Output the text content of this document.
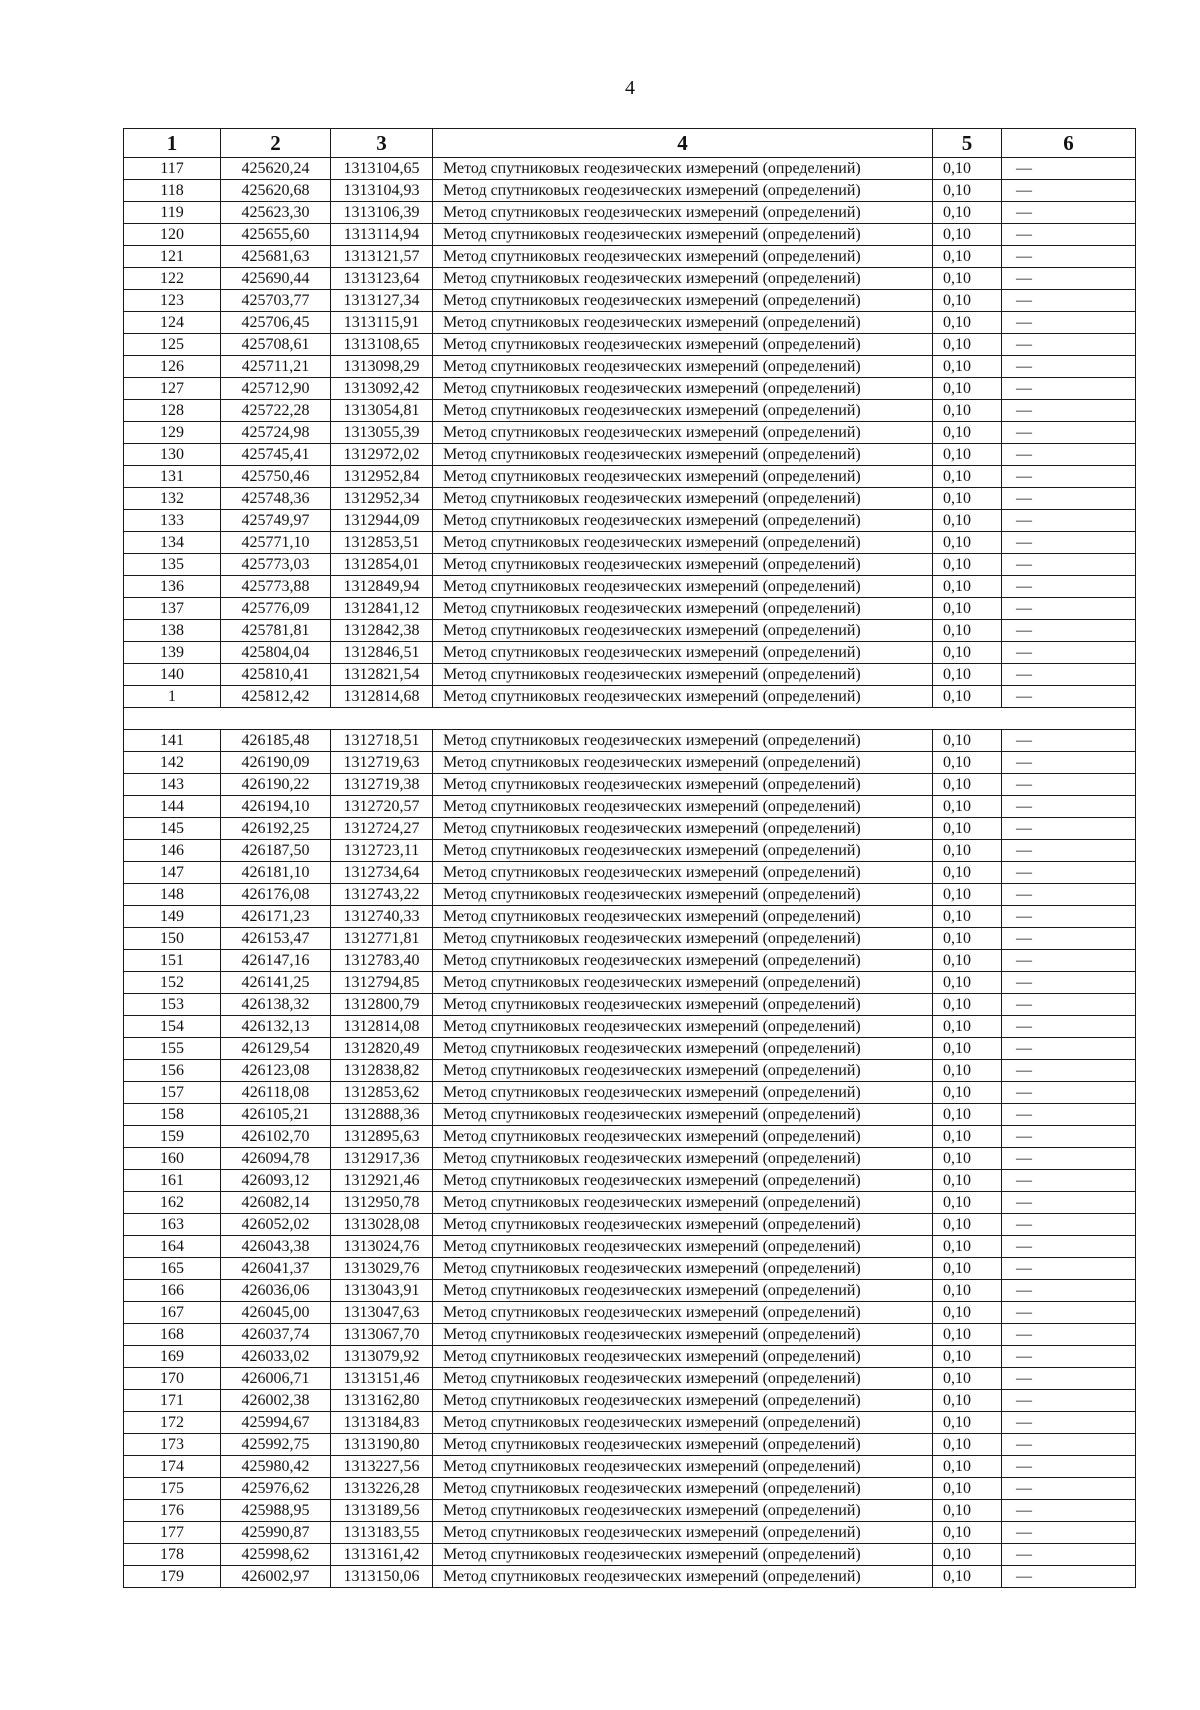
4
1	2	3	4	5	6
117	425620,24	1313104,65	Метод спутниковых геодезических измерений (определений)	0,10	—
118	425620,68	1313104,93	Метод спутниковых геодезических измерений (определений)	0,10	—
119	425623,30	1313106,39	Метод спутниковых геодезических измерений (определений)	0,10	—
120	425655,60	1313114,94	Метод спутниковых геодезических измерений (определений)	0,10	—
121	425681,63	1313121,57	Метод спутниковых геодезических измерений (определений)	0,10	—
122	425690,44	1313123,64	Метод спутниковых геодезических измерений (определений)	0,10	—
123	425703,77	1313127,34	Метод спутниковых геодезических измерений (определений)	0,10	—
124	425706,45	1313115,91	Метод спутниковых геодезических измерений (определений)	0,10	—
125	425708,61	1313108,65	Метод спутниковых геодезических измерений (определений)	0,10	—
126	425711,21	1313098,29	Метод спутниковых геодезических измерений (определений)	0,10	—
127	425712,90	1313092,42	Метод спутниковых геодезических измерений (определений)	0,10	—
128	425722,28	1313054,81	Метод спутниковых геодезических измерений (определений)	0,10	—
129	425724,98	1313055,39	Метод спутниковых геодезических измерений (определений)	0,10	—
130	425745,41	1312972,02	Метод спутниковых геодезических измерений (определений)	0,10	—
131	425750,46	1312952,84	Метод спутниковых геодезических измерений (определений)	0,10	—
132	425748,36	1312952,34	Метод спутниковых геодезических измерений (определений)	0,10	—
133	425749,97	1312944,09	Метод спутниковых геодезических измерений (определений)	0,10	—
134	425771,10	1312853,51	Метод спутниковых геодезических измерений (определений)	0,10	—
135	425773,03	1312854,01	Метод спутниковых геодезических измерений (определений)	0,10	—
136	425773,88	1312849,94	Метод спутниковых геодезических измерений (определений)	0,10	—
137	425776,09	1312841,12	Метод спутниковых геодезических измерений (определений)	0,10	—
138	425781,81	1312842,38	Метод спутниковых геодезических измерений (определений)	0,10	—
139	425804,04	1312846,51	Метод спутниковых геодезических измерений (определений)	0,10	—
140	425810,41	1312821,54	Метод спутниковых геодезических измерений (определений)	0,10	—
1	425812,42	1312814,68	Метод спутниковых геодезических измерений (определений)	0,10	—

141	426185,48	1312718,51	Метод спутниковых геодезических измерений (определений)	0,10	—
142	426190,09	1312719,63	Метод спутниковых геодезических измерений (определений)	0,10	—
143	426190,22	1312719,38	Метод спутниковых геодезических измерений (определений)	0,10	—
144	426194,10	1312720,57	Метод спутниковых геодезических измерений (определений)	0,10	—
145	426192,25	1312724,27	Метод спутниковых геодезических измерений (определений)	0,10	—
146	426187,50	1312723,11	Метод спутниковых геодезических измерений (определений)	0,10	—
147	426181,10	1312734,64	Метод спутниковых геодезических измерений (определений)	0,10	—
148	426176,08	1312743,22	Метод спутниковых геодезических измерений (определений)	0,10	—
149	426171,23	1312740,33	Метод спутниковых геодезических измерений (определений)	0,10	—
150	426153,47	1312771,81	Метод спутниковых геодезических измерений (определений)	0,10	—
151	426147,16	1312783,40	Метод спутниковых геодезических измерений (определений)	0,10	—
152	426141,25	1312794,85	Метод спутниковых геодезических измерений (определений)	0,10	—
153	426138,32	1312800,79	Метод спутниковых геодезических измерений (определений)	0,10	—
154	426132,13	1312814,08	Метод спутниковых геодезических измерений (определений)	0,10	—
155	426129,54	1312820,49	Метод спутниковых геодезических измерений (определений)	0,10	—
156	426123,08	1312838,82	Метод спутниковых геодезических измерений (определений)	0,10	—
157	426118,08	1312853,62	Метод спутниковых геодезических измерений (определений)	0,10	—
158	426105,21	1312888,36	Метод спутниковых геодезических измерений (определений)	0,10	—
159	426102,70	1312895,63	Метод спутниковых геодезических измерений (определений)	0,10	—
160	426094,78	1312917,36	Метод спутниковых геодезических измерений (определений)	0,10	—
161	426093,12	1312921,46	Метод спутниковых геодезических измерений (определений)	0,10	—
162	426082,14	1312950,78	Метод спутниковых геодезических измерений (определений)	0,10	—
163	426052,02	1313028,08	Метод спутниковых геодезических измерений (определений)	0,10	—
164	426043,38	1313024,76	Метод спутниковых геодезических измерений (определений)	0,10	—
165	426041,37	1313029,76	Метод спутниковых геодезических измерений (определений)	0,10	—
166	426036,06	1313043,91	Метод спутниковых геодезических измерений (определений)	0,10	—
167	426045,00	1313047,63	Метод спутниковых геодезических измерений (определений)	0,10	—
168	426037,74	1313067,70	Метод спутниковых геодезических измерений (определений)	0,10	—
169	426033,02	1313079,92	Метод спутниковых геодезических измерений (определений)	0,10	—
170	426006,71	1313151,46	Метод спутниковых геодезических измерений (определений)	0,10	—
171	426002,38	1313162,80	Метод спутниковых геодезических измерений (определений)	0,10	—
172	425994,67	1313184,83	Метод спутниковых геодезических измерений (определений)	0,10	—
173	425992,75	1313190,80	Метод спутниковых геодезических измерений (определений)	0,10	—
174	425980,42	1313227,56	Метод спутниковых геодезических измерений (определений)	0,10	—
175	425976,62	1313226,28	Метод спутниковых геодезических измерений (определений)	0,10	—
176	425988,95	1313189,56	Метод спутниковых геодезических измерений (определений)	0,10	—
177	425990,87	1313183,55	Метод спутниковых геодезических измерений (определений)	0,10	—
178	425998,62	1313161,42	Метод спутниковых геодезических измерений (определений)	0,10	—
179	426002,97	1313150,06	Метод спутниковых геодезических измерений (определений)	0,10	—
